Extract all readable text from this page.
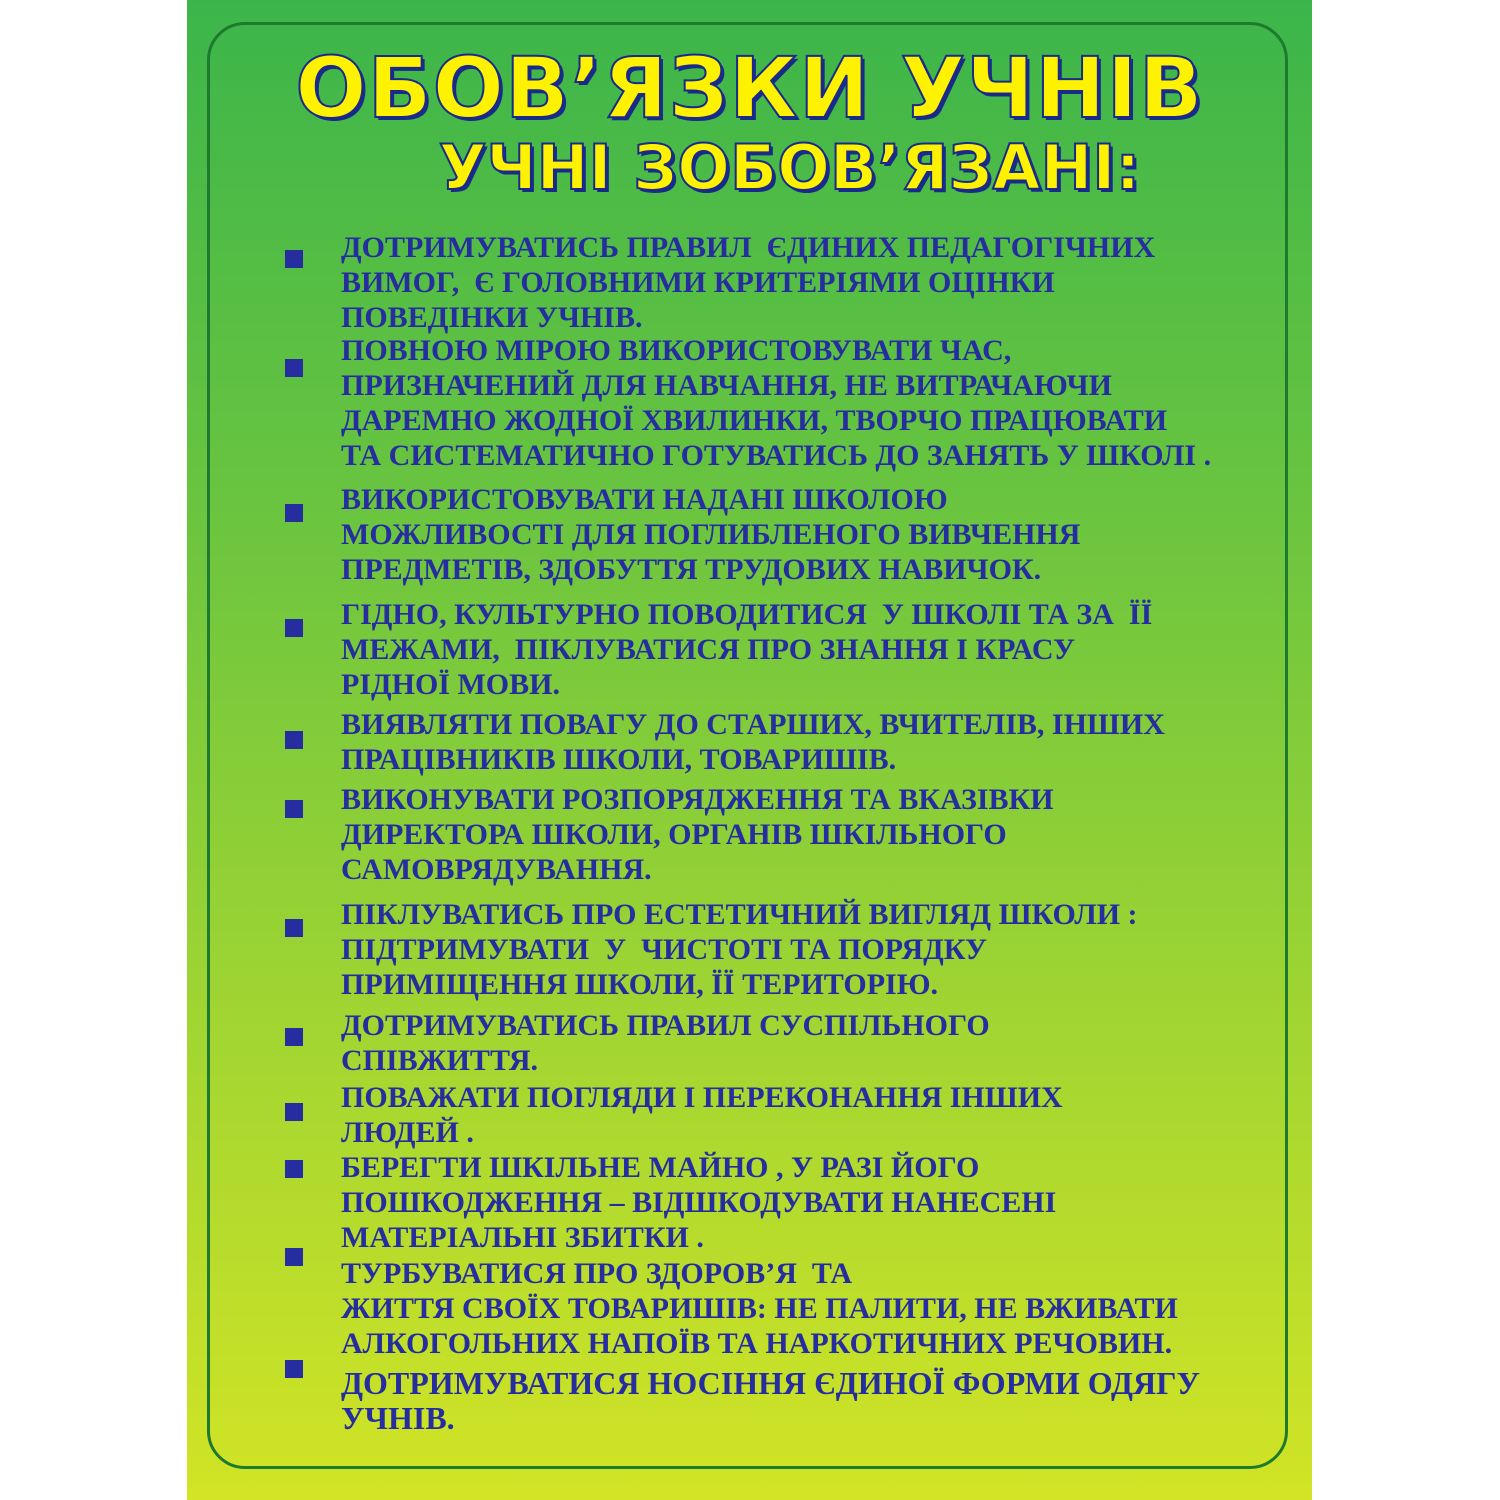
ОБОВ’ЯЗКИ УЧНІВ
УЧНІ ЗОБОВ’ЯЗАНІ:

ДОТРИМУВАТИСЬ ПРАВИЛ  ЄДИНИХ ПЕДАГОГІЧНИХ
ВИМОГ,  Є ГОЛОВНИМИ КРИТЕРІЯМИ ОЦІНКИ
ПОВЕДІНКИ УЧНІВ.

ПОВНОЮ МІРОЮ ВИКОРИСТОВУВАТИ ЧАС,
ПРИЗНАЧЕНИЙ ДЛЯ НАВЧАННЯ, НЕ ВИТРАЧАЮЧИ
ДАРЕМНО ЖОДНОЇ ХВИЛИНКИ, ТВОРЧО ПРАЦЮВАТИ
ТА СИСТЕМАТИЧНО ГОТУВАТИСЬ ДО ЗАНЯТЬ У ШКОЛІ .

ВИКОРИСТОВУВАТИ НАДАНІ ШКОЛОЮ
МОЖЛИВОСТІ ДЛЯ ПОГЛИБЛЕНОГО ВИВЧЕННЯ
ПРЕДМЕТІВ, ЗДОБУТТЯ ТРУДОВИХ НАВИЧОК.

ГІДНО, КУЛЬТУРНО ПОВОДИТИСЯ  У ШКОЛІ ТА ЗА  ЇЇ
МЕЖАМИ,  ПІКЛУВАТИСЯ ПРО ЗНАННЯ І КРАСУ
РІДНОЇ МОВИ.

ВИЯВЛЯТИ ПОВАГУ ДО СТАРШИХ, ВЧИТЕЛІВ, ІНШИХ
ПРАЦІВНИКІВ ШКОЛИ, ТОВАРИШІВ.

ВИКОНУВАТИ РОЗПОРЯДЖЕННЯ ТА ВКАЗІВКИ
ДИРЕКТОРА ШКОЛИ, ОРГАНІВ ШКІЛЬНОГО
САМОВРЯДУВАННЯ.

ПІКЛУВАТИСЬ ПРО ЕСТЕТИЧНИЙ ВИГЛЯД ШКОЛИ :
ПІДТРИМУВАТИ  У  ЧИСТОТІ ТА ПОРЯДКУ
ПРИМІЩЕННЯ ШКОЛИ, ЇЇ ТЕРИТОРІЮ.

ДОТРИМУВАТИСЬ ПРАВИЛ СУСПІЛЬНОГО
СПІВЖИТТЯ.

ПОВАЖАТИ ПОГЛЯДИ І ПЕРЕКОНАННЯ ІНШИХ
ЛЮДЕЙ .

БЕРЕГТИ ШКІЛЬНЕ МАЙНО , У РАЗІ ЙОГО
ПОШКОДЖЕННЯ – ВІДШКОДУВАТИ НАНЕСЕНІ
МАТЕРІАЛЬНІ ЗБИТКИ .

ТУРБУВАТИСЯ ПРО ЗДОРОВ’Я  ТА
ЖИТТЯ СВОЇХ ТОВАРИШІВ: НЕ ПАЛИТИ, НЕ ВЖИВАТИ
АЛКОГОЛЬНИХ НАПОЇВ ТА НАРКОТИЧНИХ РЕЧОВИН.

ДОТРИМУВАТИСЯ НОСІННЯ ЄДИНОЇ ФОРМИ ОДЯГУ
УЧНІВ.
